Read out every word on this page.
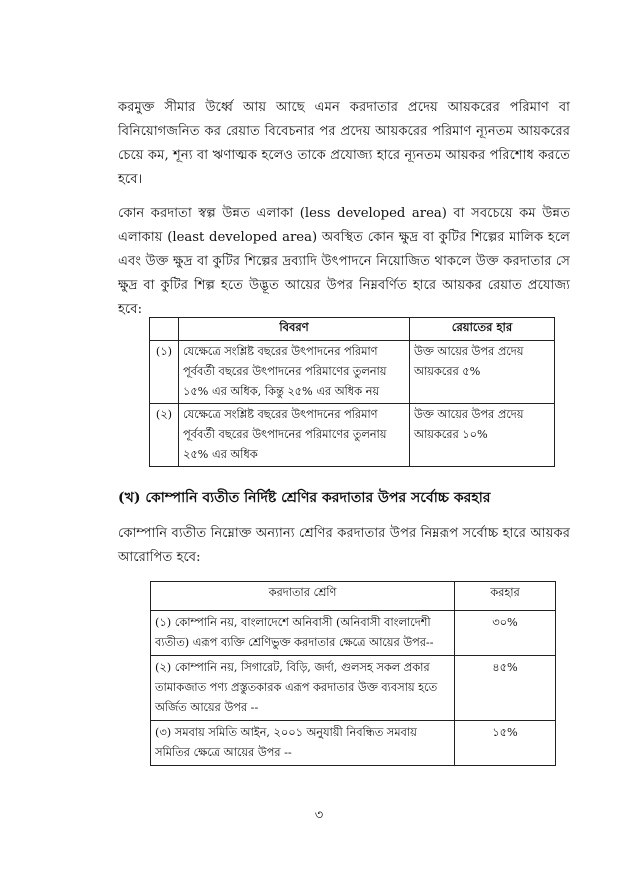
করমুক্ত সীমার উর্ধ্বে আয় আছে এমন করদাতার প্রদেয় আয়করের পরিমাণ বা বিনিয়োগজনিত কর রেয়াত বিবেচনার পর প্রদেয় আয়করের পরিমাণ ন্যূনতম আয়করের চেয়ে কম, শূন্য বা ঋণাত্মক হলেও তাকে প্রযোজ্য হারে ন্যূনতম আয়কর পরিশোধ করতে হবে।

কোন করদাতা স্বল্প উন্নত এলাকা (less developed area) বা সবচেয়ে কম উন্নত এলাকায় (least developed area) অবস্থিত কোন ক্ষুদ্র বা কুটির শিল্পের মালিক হলে এবং উক্ত ক্ষুদ্র বা কুটির শিল্পের দ্রব্যাদি উৎপাদনে নিয়োজিত থাকলে উক্ত করদাতার সে ক্ষুদ্র বা কুটির শিল্প হতে উদ্ভূত আয়ের উপর নিম্নবর্ণিত হারে আয়কর রেয়াত প্রযোজ্য হবে:

	বিবরণ	রেয়াতের হার
(১)	যেক্ষেত্রে সংশ্লিষ্ট বছরের উৎপাদনের পরিমাণ পূর্ববর্তী বছরের উৎপাদনের পরিমাণের তুলনায় ১৫% এর অধিক, কিন্তু ২৫% এর অধিক নয়	উক্ত আয়ের উপর প্রদেয় আয়করের ৫%
(২)	যেক্ষেত্রে সংশ্লিষ্ট বছরের উৎপাদনের পরিমাণ পূর্ববর্তী বছরের উৎপাদনের পরিমাণের তুলনায় ২৫% এর অধিক	উক্ত আয়ের উপর প্রদেয় আয়করের ১০%

(খ) কোম্পানি ব্যতীত নির্দিষ্ট শ্রেণির করদাতার উপর সর্বোচ্চ করহার

কোম্পানি ব্যতীত নিম্নোক্ত অন্যান্য শ্রেণির করদাতার উপর নিম্নরূপ সর্বোচ্চ হারে আয়কর আরোপিত হবে:

করদাতার শ্রেণি	করহার
(১) কোম্পানি নয়, বাংলাদেশে অনিবাসী (অনিবাসী বাংলাদেশী ব্যতীত) এরূপ ব্যক্তি শ্রেণিভুক্ত করদাতার ক্ষেত্রে আয়ের উপর--	৩০%
(২) কোম্পানি নয়, সিগারেট, বিড়ি, জর্দা, গুলসহ সকল প্রকার তামাকজাত পণ্য প্রস্তুতকারক এরূপ করদাতার উক্ত ব্যবসায় হতে অর্জিত আয়ের উপর --	৪৫%
(৩) সমবায় সমিতি আইন, ২০০১ অনুযায়ী নিবন্ধিত সমবায় সমিতির ক্ষেত্রে আয়ের উপর --	১৫%

৩
